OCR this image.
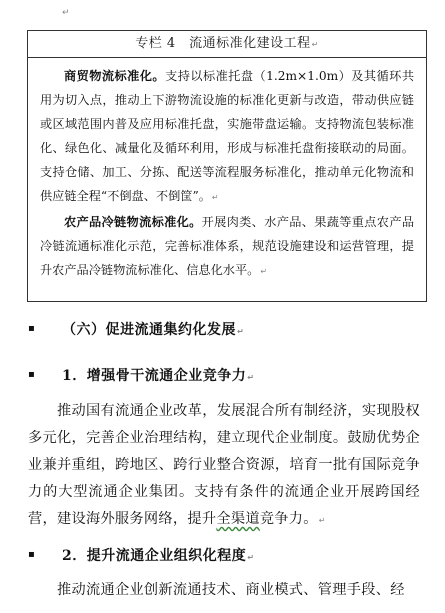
↵
专栏 4　流通标准化建设工程↵

商贸物流标准化。支持以标准托盘（1.2m×1.0m）及其循环共用为切入点，推动上下游物流设施的标准化更新与改造，带动供应链或区域范围内普及应用标准托盘，实施带盘运输。支持物流包装标准化、绿色化、减量化及循环利用，形成与标准托盘衔接联动的局面。支持仓储、加工、分拣、配送等流程服务标准化，推动单元化物流和供应链全程“不倒盘、不倒筐”。↵

农产品冷链物流标准化。开展肉类、水产品、果蔬等重点农产品冷链流通标准化示范，完善标准体系，规范设施建设和运营管理，提升农产品冷链物流标准化、信息化水平。↵

▪ （六）促进流通集约化发展↵
▪ 1．增强骨干流通企业竞争力↵

推动国有流通企业改革，发展混合所有制经济，实现股权多元化，完善企业治理结构，建立现代企业制度。鼓励优势企业兼并重组，跨地区、跨行业整合资源，培育一批有国际竞争力的大型流通企业集团。支持有条件的流通企业开展跨国经营，建设海外服务网络，提升全渠道竞争力。↵

▪ 2．提升流通企业组织化程度↵

推动流通企业创新流通技术、商业模式、管理手段、经
